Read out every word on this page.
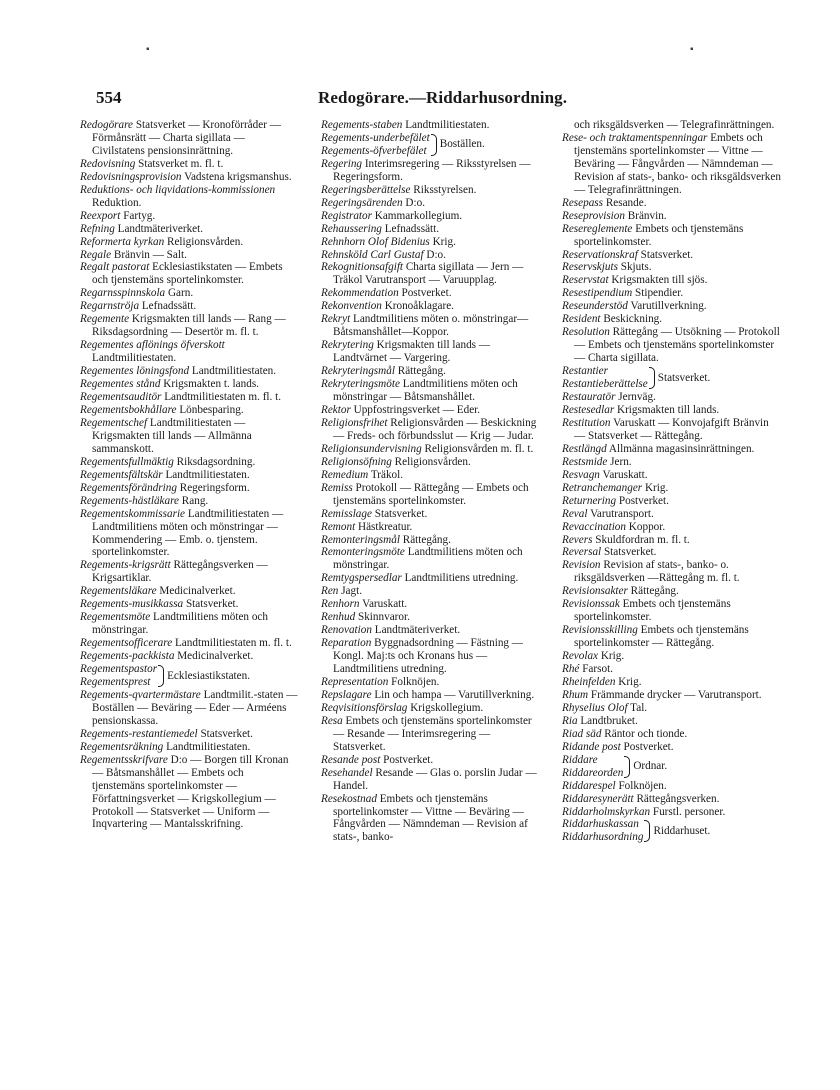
▪	▪
554	Redogörare.—Riddarhusordning.

Redogörare Statsverket — Kronoförråder — Förmånsrätt — Charta sigillata — Civilstatens pensionsinrättning.

Redovisning Statsverket m. fl. t.

Redovisningsprovision Vadstena krigsmanshus.

Reduktions- och liqvidations-kommissionen Reduktion.

Reexport Fartyg.

Refning Landtmäteriverket.

Reformerta kyrkan Religionsvården.

Regale Bränvin — Salt.

Regalt pastorat Ecklesiastikstaten — Embets och tjenstemäns sportelinkomster.

Regarnsspinnskola Garn.

Regarnströja Lefnadssätt.

Regemente Krigsmakten till lands — Rang — Riksdagsordning — Desertör m. fl. t.

Regementes aflönings öfverskott Landtmilitiestaten.

Regementes löningsfond Landtmilitiestaten.

Regementes stånd Krigsmakten t. lands.

Regementsauditör Landtmilitiestaten m. fl. t.

Regementsbokhållare Lönbesparing.

Regementschef Landtmilitiestaten — Krigsmakten till lands — Allmänna sammanskott.

Regementsfullmäktig Riksdagsordning.

Regementsfältskär Landtmilitiestaten.

Regementsförändring Regeringsform.

Regements-hästläkare Rang.

Regementskommissarie Landtmilitiestaten — Landtmilitiens möten och mönstringar — Kommendering — Emb. o. tjenstem. sportelinkomster.

Regements-krigsrätt Rättegångsverken — Krigsartiklar.

Regementsläkare Medicinalverket.

Regements-musikkassa Statsverket.

Regementsmöte Landtmilitiens möten och mönstringar.

Regementsofficerare Landtmilitiestaten m. fl. t.

Regements-packkista Medicinalverket.

Regementspastor
Regementsprest
Ecklesiastikstaten.

Regements-qvartermästare Landtmilit.-staten — Boställen — Beväring — Eder — Arméens pensionskassa.

Regements-restantiemedel Statsverket.

Regementsräkning Landtmilitiestaten.

Regementsskrifvare D:o — Borgen till Kronan — Båtsmanshållet — Embets och tjenstemäns sportelinkomster — Författningsverket — Krigskollegium — Protokoll — Statsverket — Uniform — Inqvartering — Mantalsskrifning.

Regements-staben Landtmilitiestaten.

Regements-underbefälet
Regements-öfverbefälet
Boställen.

Regering Interimsregering — Riksstyrelsen — Regeringsform.

Regeringsberättelse Riksstyrelsen.

Regeringsärenden D:o.

Registrator Kammarkollegium.

Rehaussering Lefnadssätt.

Rehnhorn Olof Bidenius Krig.

Rehnsköld Carl Gustaf D:o.

Rekognitionsafgift Charta sigillata — Jern — Träkol Varutransport — Varuupplag.

Rekommendation Postverket.

Rekonvention Kronoåklagare.

Rekryt Landtmilitiens möten o. mönstringar—Båtsmanshållet—Koppor.

Rekrytering Krigsmakten till lands — Landtvärnet — Vargering.

Rekryteringsmål Rättegång.

Rekryteringsmöte Landtmilitiens möten och mönstringar — Båtsmanshållet.

Rektor Uppfostringsverket — Eder.

Religionsfrihet Religionsvården — Beskickning — Freds- och förbundsslut — Krig — Judar.

Religionsundervisning Religionsvården m. fl. t.

Religionsöfning Religionsvården.

Remedium Träkol.

Remiss Protokoll — Rättegång — Embets och tjenstemäns sportelinkomster.

Remisslage Statsverket.

Remont Hästkreatur.

Remonteringsmål Rättegång.

Remonteringsmöte Landtmilitiens möten och mönstringar.

Remtygspersedlar Landtmilitiens utredning.

Ren Jagt.

Renhorn Varuskatt.

Renhud Skinnvaror.

Renovation Landtmäteriverket.

Reparation Byggnadsordning — Fästning — Kongl. Maj:ts och Kronans hus — Landtmilitiens utredning.

Representation Folknöjen.

Repslagare Lin och hampa — Varutillverkning.

Reqvisitionsförslag Krigskollegium.

Resa Embets och tjenstemäns sportelinkomster — Resande — Interimsregering — Statsverket.

Resande post Postverket.

Resehandel Resande — Glas o. porslin Judar — Handel.

Resekostnad Embets och tjenstemäns sportelinkomster — Vittne — Beväring — Fångvården — Nämndeman — Revision af stats-, banko-

och riksgäldsverken — Telegrafinrättningen.

Rese- och traktamentspenningar Embets och tjenstemäns sportelinkomster — Vittne — Beväring — Fångvården — Nämndeman — Revision af stats-, banko- och riksgäldsverken — Telegrafinrättningen.

Resepass Resande.

Reseprovision Bränvin.

Resereglemente Embets och tjenstemäns sportelinkomster.

Reservationskraf Statsverket.

Reservskjuts Skjuts.

Reservstat Krigsmakten till sjös.

Resestipendium Stipendier.

Reseunderstöd Varutillverkning.

Resident Beskickning.

Resolution Rättegång — Utsökning — Protokoll — Embets och tjenstemäns sportelinkomster — Charta sigillata.

Restantier
Restantieberättelse
Statsverket.

Restauratör Jernväg.

Restesedlar Krigsmakten till lands.

Restitution Varuskatt — Konvojafgift Bränvin — Statsverket — Rättegång.

Restlängd Allmänna magasinsinrättningen.

Restsmide Jern.

Resvagn Varuskatt.

Retranchemanger Krig.

Returnering Postverket.

Reval Varutransport.

Revaccination Koppor.

Revers Skuldfordran m. fl. t.

Reversal Statsverket.

Revision Revision af stats-, banko- o. riksgäldsverken —Rättegång m. fl. t.

Revisionsakter Rättegång.

Revisionssak Embets och tjenstemäns sportelinkomster.

Revisionsskilling Embets och tjenstemäns sportelinkomster — Rättegång.

Revolax Krig.

Rhé Farsot.

Rheinfelden Krig.

Rhum Främmande drycker — Varutransport.

Rhyselius Olof Tal.

Ria Landtbruket.

Riad säd Räntor och tionde.

Ridande post Postverket.

Riddare
Riddareorden
Ordnar.

Riddarespel Folknöjen.

Riddaresynerätt Rättegångsverken.

Riddarholmskyrkan Furstl. personer.

Riddarhuskassan
Riddarhusordning
Riddarhuset.
